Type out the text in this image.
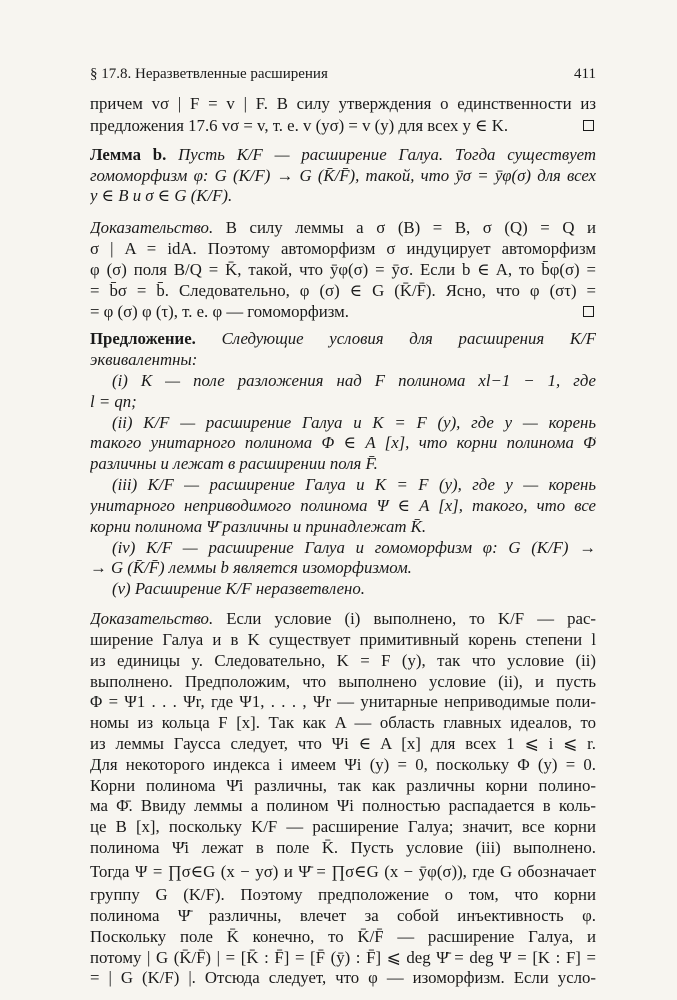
§ 17.8. Неразветвленные расширения	411
причем vσ | F = v | F. В силу утверждения о единственности из
предложения 17.6 vσ = v, т. е. v (yσ) = v (y) для всех y ∈ K.
Лемма b. Пусть K/F — расширение Галуа. Тогда существует
гомоморфизм φ: G (K/F) → G (K̄/F̄), такой, что ȳσ = ȳφ(σ) для всех
y ∈ B и σ ∈ G (K/F).
Доказательство. В силу леммы a σ (B) = B, σ (Q) = Q и
σ | A = idA. Поэтому автоморфизм σ индуцирует автоморфизм
φ (σ) поля B/Q = K̄, такой, что ȳφ(σ) = ȳσ. Если b ∈ A, то b̄φ(σ) =
= b̄σ = b̄. Следовательно, φ (σ) ∈ G (K̄/F̄). Ясно, что φ (στ) =
= φ (σ) φ (τ), т. е. φ — гомоморфизм.
Предложение. Следующие условия для расширения K/F
эквивалентны:
(i) K — поле разложения над F полинома xl−1 − 1, где
l = qn;
(ii) K/F — расширение Галуа и K = F (y), где y — корень
такого унитарного полинома Φ ∈ A [x], что корни полинома Φ̄
различны и лежат в расширении поля F̄.
(iii) K/F — расширение Галуа и K = F (y), где y — корень
унитарного неприводимого полинома Ψ ∈ A [x], такого, что все
корни полинома Ψ̄ различны и принадлежат K̄.
(iv) K/F — расширение Галуа и гомоморфизм φ: G (K/F) →
→ G (K̄/F̄) леммы b является изоморфизмом.
(v) Расширение K/F неразветвлено.
Доказательство. Если условие (i) выполнено, то K/F — рас-
ширение Галуа и в K существует примитивный корень степени l
из единицы y. Следовательно, K = F (y), так что условие (ii)
выполнено. Предположим, что выполнено условие (ii), и пусть
Φ = Ψ1 . . . Ψr, где Ψ1, . . . , Ψr — унитарные неприводимые поли-
номы из кольца F [x]. Так как A — область главных идеалов, то
из леммы Гаусса следует, что Ψi ∈ A [x] для всех 1 ⩽ i ⩽ r.
Для некоторого индекса i имеем Ψi (y) = 0, поскольку Φ (y) = 0.
Корни полинома Ψ̄i различны, так как различны корни полино-
ма Φ̄. Ввиду леммы a полином Ψi полностью распадается в коль-
це B [x], поскольку K/F — расширение Галуа; значит, все корни
полинома Ψ̄i лежат в поле K̄. Пусть условие (iii) выполнено.
Тогда Ψ = ∏σ∈G (x − yσ) и Ψ̄ = ∏σ∈G (x − ȳφ(σ)), где G обозначает
группу G (K/F). Поэтому предположение о том, что корни
полинома Ψ̄ различны, влечет за собой инъективность φ.
Поскольку поле K̄ конечно, то K̄/F̄ — расширение Галуа, и
потому | G (K̄/F̄) | = [K̄ : F̄] = [F̄ (ȳ) : F̄] ⩽ deg Ψ̄ = deg Ψ = [K : F] =
= | G (K/F) |. Отсюда следует, что φ — изоморфизм. Если усло-
